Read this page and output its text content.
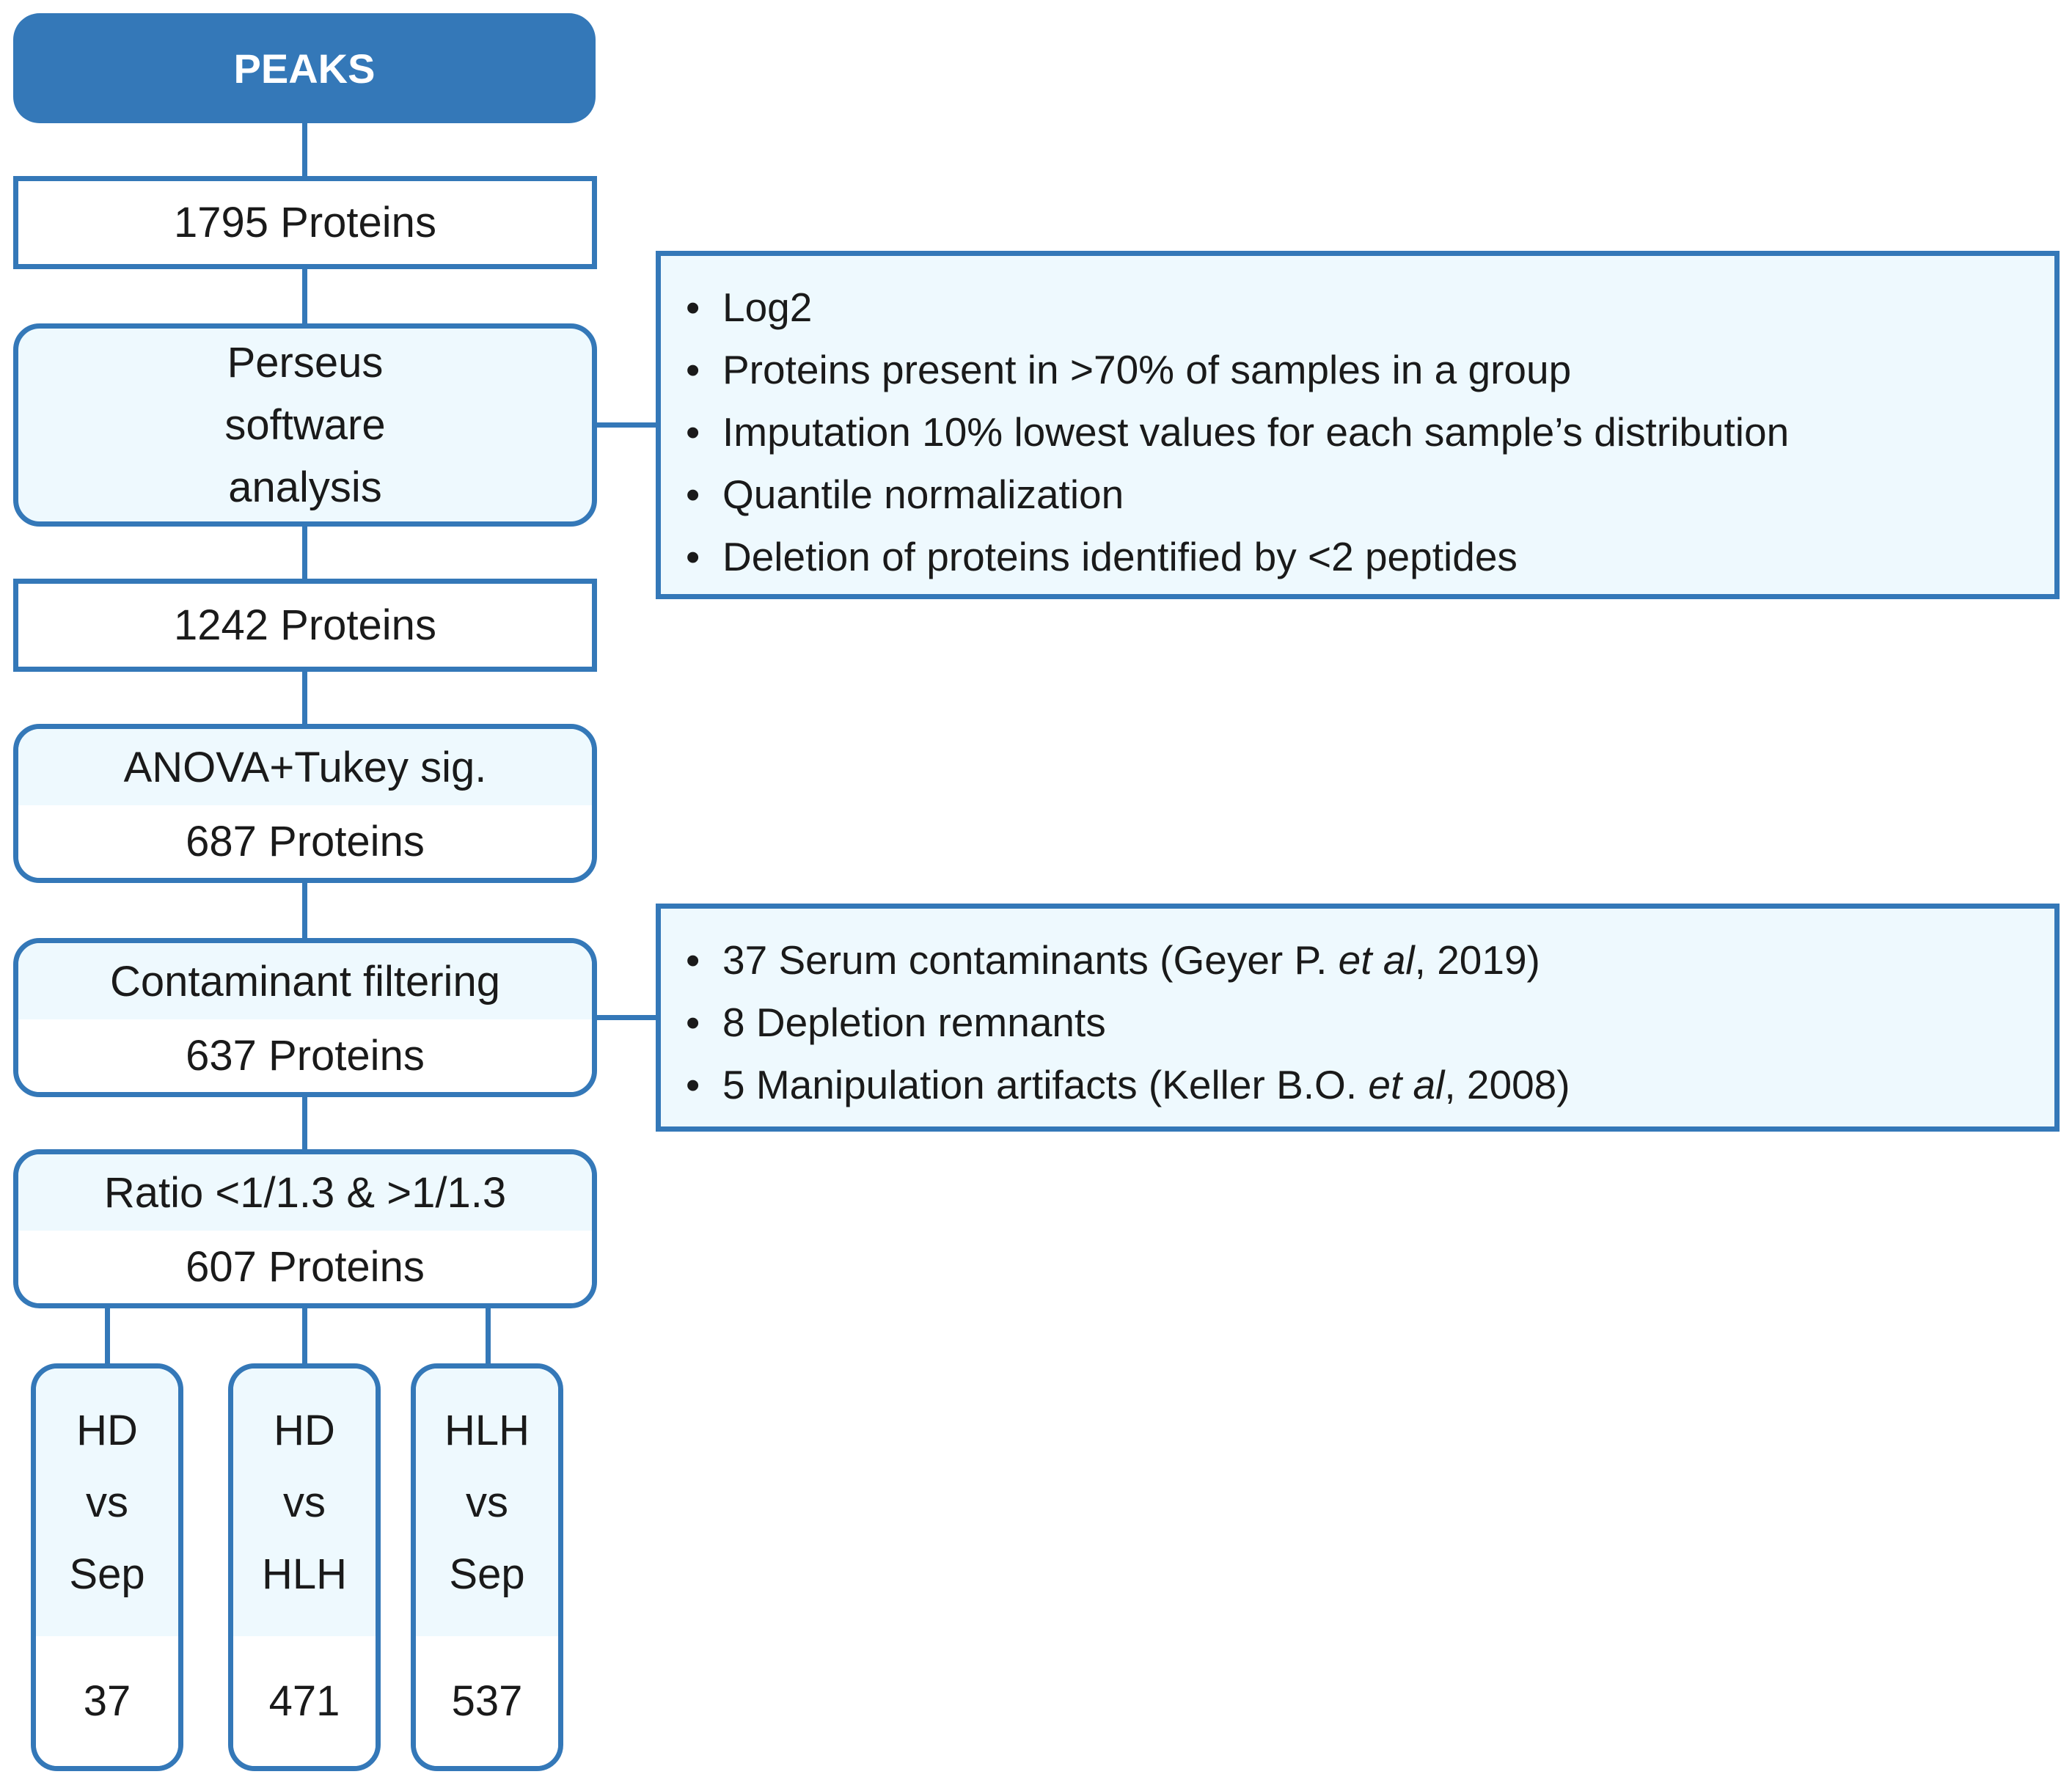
PEAKS
1795 Proteins
Perseus
software
analysis
1242 Proteins
ANOVA+Tukey sig.
687 Proteins
Contaminant filtering
637 Proteins
Ratio <1/1.3 & >1/1.3
607 Proteins
HD
vs
Sep
37
HD
vs
HLH
471
HLH
vs
Sep
537
• Log2
• Proteins present in >70% of samples in a group
• Imputation 10% lowest values for each sample’s distribution
• Quantile normalization
• Deletion of proteins identified by <2 peptides
• 37 Serum contaminants (Geyer P. et al, 2019)
• 8 Depletion remnants
• 5 Manipulation artifacts (Keller B.O. et al, 2008)
